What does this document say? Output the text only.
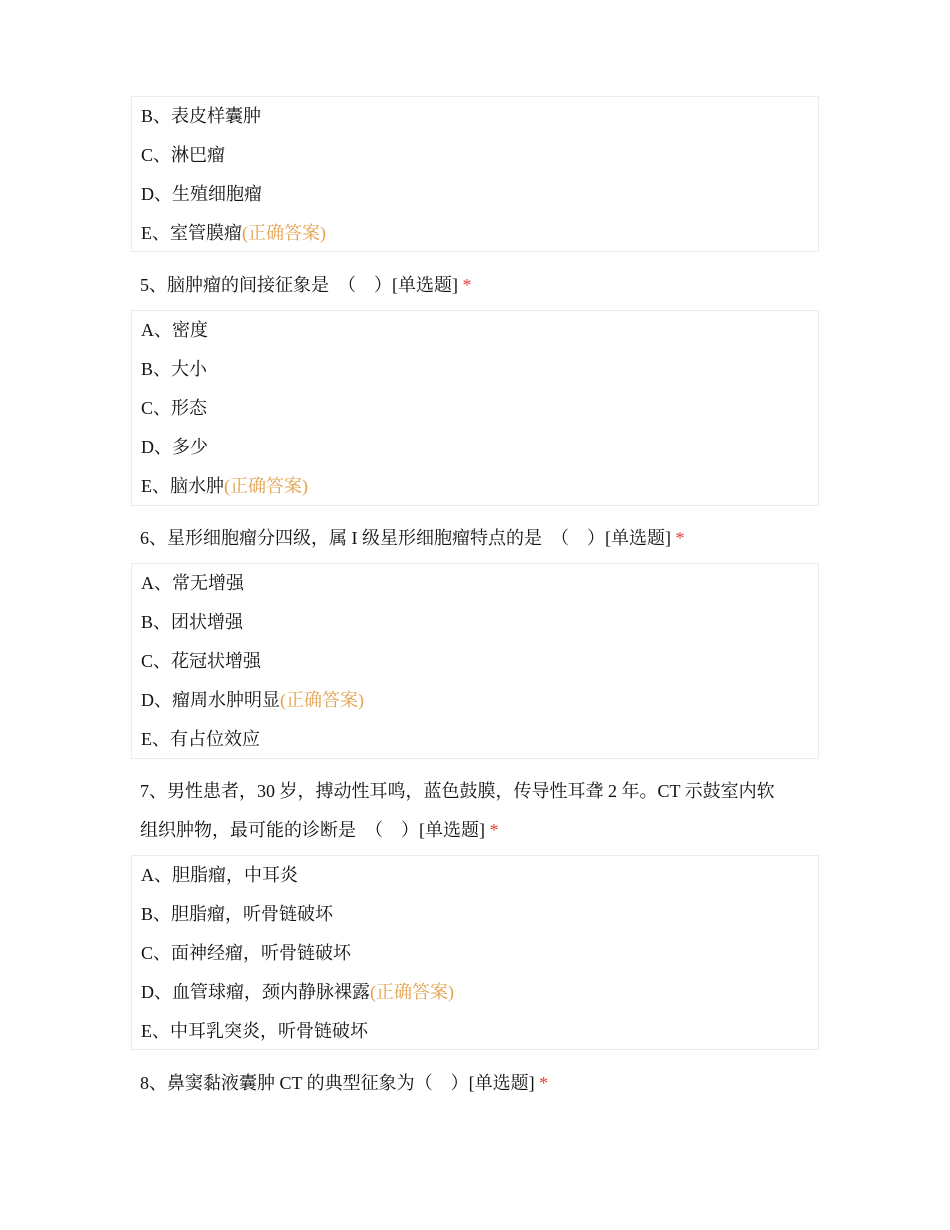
B、表皮样囊肿
C、淋巴瘤
D、生殖细胞瘤
E、室管膜瘤(正确答案)
5、脑肿瘤的间接征象是　（　）[单选题] *
A、密度
B、大小
C、形态
D、多少
E、脑水肿(正确答案)
6、星形细胞瘤分四级，属 I 级星形细胞瘤特点的是　（　）[单选题] *
A、常无增强
B、团状增强
C、花冠状增强
D、瘤周水肿明显(正确答案)
E、有占位效应
7、男性患者，30 岁，搏动性耳鸣，蓝色鼓膜，传导性耳聋 2 年。CT 示鼓室内软
组织肿物，最可能的诊断是　（　）[单选题] *
A、胆脂瘤，中耳炎
B、胆脂瘤，听骨链破坏
C、面神经瘤，听骨链破坏
D、血管球瘤，颈内静脉裸露(正确答案)
E、中耳乳突炎，听骨链破坏
8、鼻窦黏液囊肿 CT 的典型征象为（　）[单选题] *
